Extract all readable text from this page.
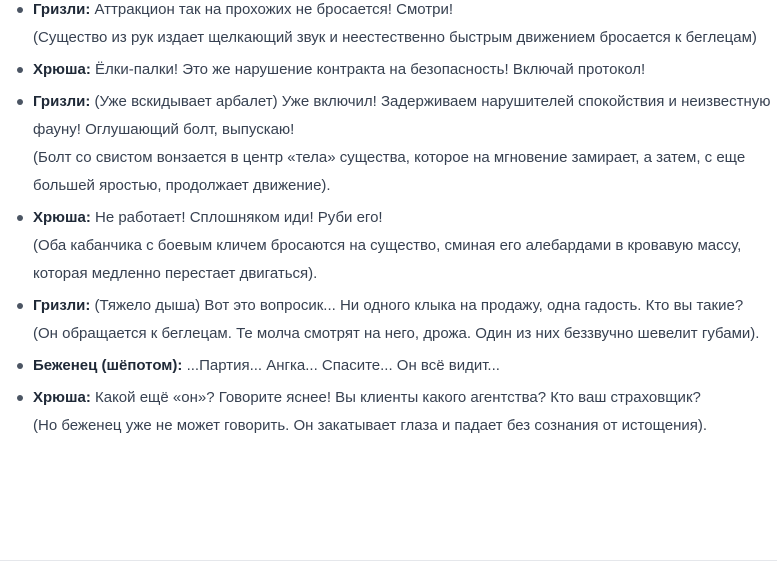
Гризли: Аттракцион так на прохожих не бросается! Смотри!
(Существо из рук издает щелкающий звук и неестественно быстрым движением бросается к беглецам)
Хрюша: Ёлки-палки! Это же нарушение контракта на безопасность! Включай протокол!
Гризли: (Уже вскидывает арбалет) Уже включил! Задерживаем нарушителей спокойствия и неизвестную фауну! Оглушающий болт, выпускаю!
(Болт со свистом вонзается в центр «тела» существа, которое на мгновение замирает, а затем, с еще большей яростью, продолжает движение).
Хрюша: Не работает! Сплошняком иди! Руби его!
(Оба кабанчика с боевым кличем бросаются на существо, сминая его алебардами в кровавую массу, которая медленно перестает двигаться).
Гризли: (Тяжело дыша) Вот это вопросик... Ни одного клыка на продажу, одна гадость. Кто вы такие?
(Он обращается к беглецам. Те молча смотрят на него, дрожа. Один из них беззвучно шевелит губами).
Беженец (шёпотом): ...Партия... Ангка... Спасите... Он всё видит...
Хрюша: Какой ещё «он»? Говорите яснее! Вы клиенты какого агентства? Кто ваш страховщик?
(Но беженец уже не может говорить. Он закатывает глаза и падает без сознания от истощения).
